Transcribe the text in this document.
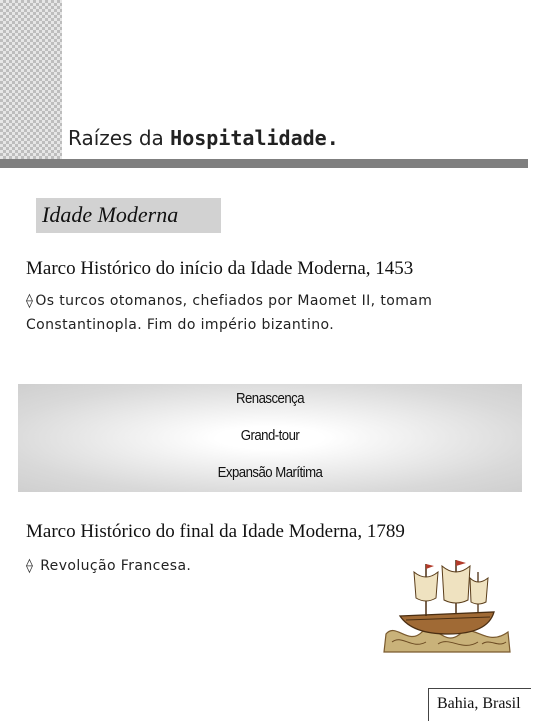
Raízes da Hospitalidade.
Idade Moderna
Marco Histórico do início da Idade Moderna, 1453
⟠ Os turcos otomanos, chefiados por Maomet II, tomam
Constantinopla. Fim do império bizantino.
Renascença
Grand-tour
Expansão Marítima
Marco Histórico do final da Idade Moderna, 1789
⟠ Revolução Francesa.
Bahia, Brasil
